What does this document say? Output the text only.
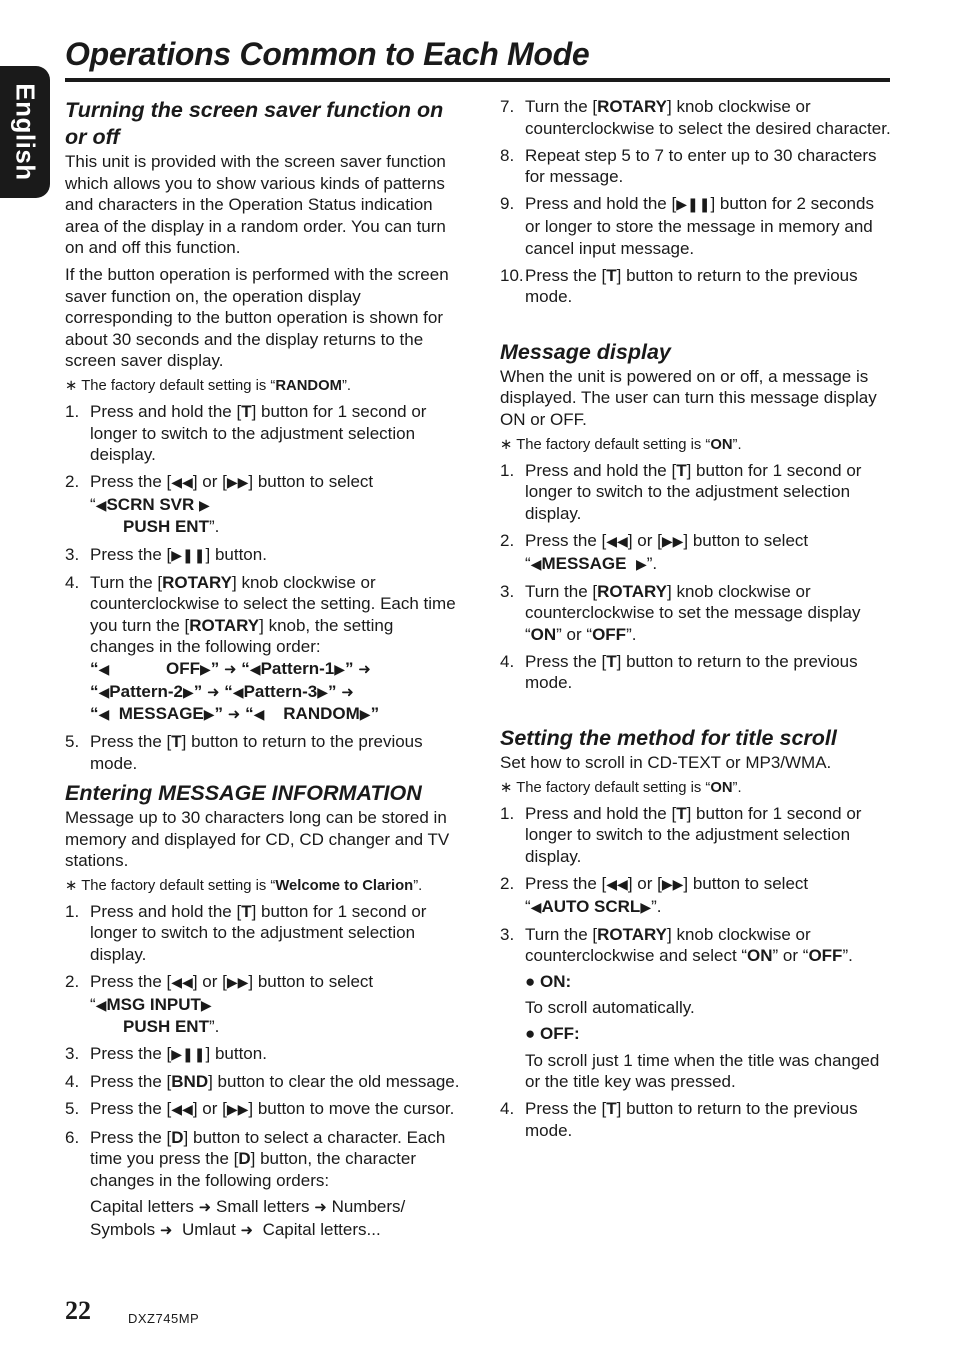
English
Operations Common to Each Mode
Turning the screen saver function on or off

This unit is provided with the screen saver function which allows you to show various kinds of patterns and characters in the Operation Status indication area of the display in a random order. You can turn on and off this function.

If the button operation is performed with the screen saver function on, the operation display corresponding to the button operation is shown for about 30 seconds and the display returns to the screen saver display.

∗ The factory default setting is “RANDOM”.
1. Press and hold the [T] button for 1 second or longer to switch to the adjustment selection deisplay.
2. Press the [◀◀] or [▶▶] button to select
“◀SCRN SVR ▶
PUSH ENT”.
3. Press the [▶❚❚] button.
4. Turn the [ROTARY] knob clockwise or counterclockwise to select the setting. Each time you turn the [ROTARY] knob, the setting changes in the following order:
“◀	OFF▶” ➜ “◀Pattern-1▶” ➜
“◀Pattern-2▶” ➜ “◀Pattern-3▶” ➜
“◀ MESSAGE▶” ➜ “◀ RANDOM▶”
5. Press the [T] button to return to the previous mode.
Entering MESSAGE INFORMATION

Message up to 30 characters long can be stored in memory and displayed for CD, CD changer and TV stations.

∗ The factory default setting is “Welcome to Clarion”.
1. Press and hold the [T] button for 1 second or longer to switch to the adjustment selection display.
2. Press the [◀◀] or [▶▶] button to select
“◀MSG INPUT▶
PUSH ENT”.
3. Press the [▶❚❚] button.
4. Press the [BND] button to clear the old message.
5. Press the [◀◀] or [▶▶] button to move the cursor.
6. Press the [D] button to select a character. Each time you press the [D] button, the character changes in the following orders:
Capital letters ➜ Small letters ➜ Numbers/ Symbols ➜ Umlaut ➜ Capital letters...
7. Turn the [ROTARY] knob clockwise or counterclockwise to select the desired character.
8. Repeat step 5 to 7 to enter up to 30 characters for message.
9. Press and hold the [▶❚❚] button for 2 seconds or longer to store the message in memory and cancel input message.
10. Press the [T] button to return to the previous mode.
Message display

When the unit is powered on or off, a message is displayed. The user can turn this message display ON or OFF.

∗ The factory default setting is “ON”.
1. Press and hold the [T] button for 1 second or longer to switch to the adjustment selection display.
2. Press the [◀◀] or [▶▶] button to select
“◀MESSAGE ▶”.
3. Turn the [ROTARY] knob clockwise or counterclockwise to set the message display “ON” or “OFF”.
4. Press the [T] button to return to the previous mode.
Setting the method for title scroll

Set how to scroll in CD-TEXT or MP3/WMA.

∗ The factory default setting is “ON”.
1. Press and hold the [T] button for 1 second or longer to switch to the adjustment selection display.
2. Press the [◀◀] or [▶▶] button to select
“◀AUTO SCRL▶”.
3. Turn the [ROTARY] knob clockwise or counterclockwise and select “ON” or “OFF”.
● ON:
To scroll automatically.
● OFF:
To scroll just 1 time when the title was changed or the title key was pressed.
4. Press the [T] button to return to the previous mode.
22	DXZ745MP
